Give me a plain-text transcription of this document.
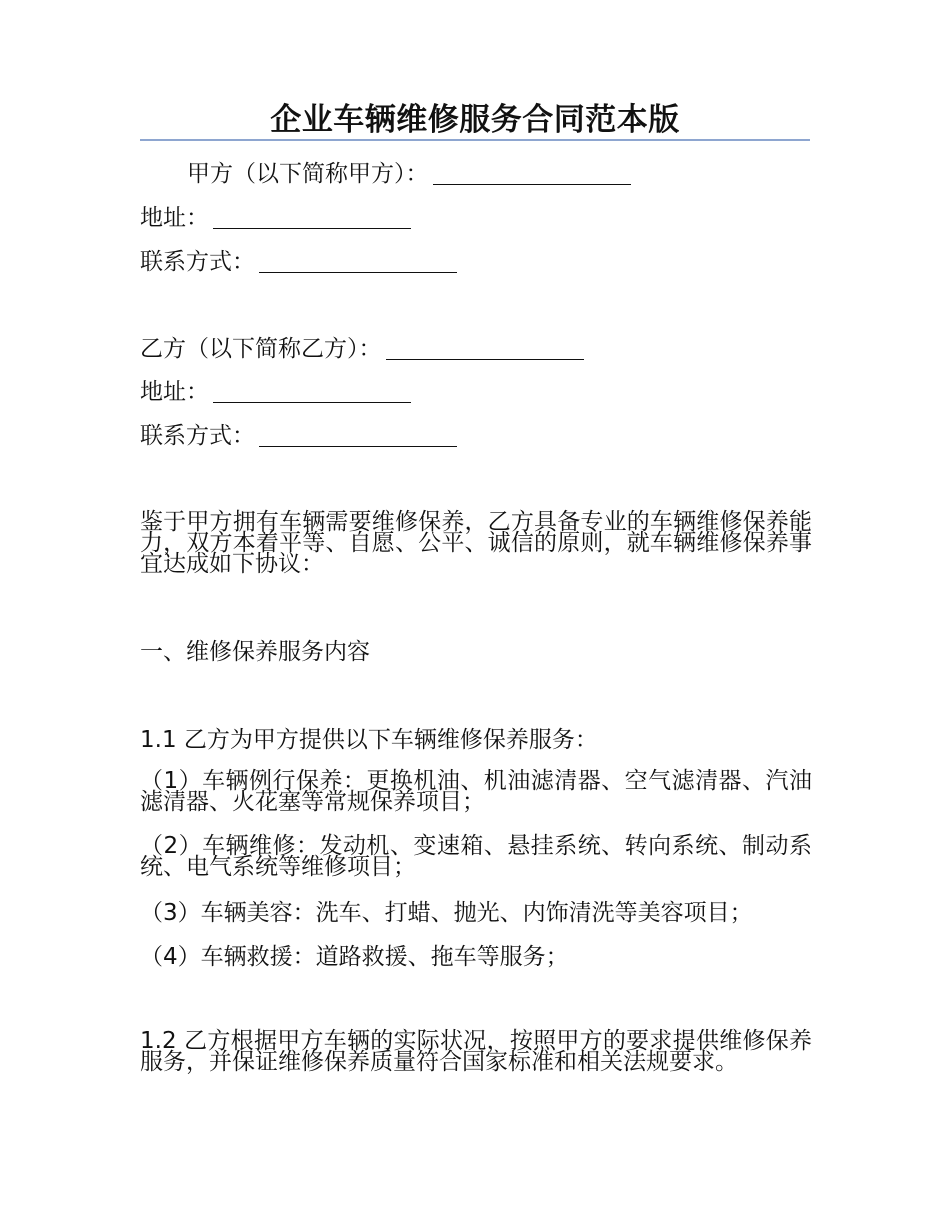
企业车辆维修服务合同范本版
甲方（以下简称甲方）：
地址：
联系方式：
乙方（以下简称乙方）：
地址：
联系方式：
鉴于甲方拥有车辆需要维修保养，乙方具备专业的车辆维修保养能力，双方本着平等、自愿、公平、诚信的原则，就车辆维修保养事宜达成如下协议：
一、维修保养服务内容
1.1 乙方为甲方提供以下车辆维修保养服务：
（1）车辆例行保养：更换机油、机油滤清器、空气滤清器、汽油滤清器、火花塞等常规保养项目；
（2）车辆维修：发动机、变速箱、悬挂系统、转向系统、制动系统、电气系统等维修项目；
（3）车辆美容：洗车、打蜡、抛光、内饰清洗等美容项目；
（4）车辆救援：道路救援、拖车等服务；
1.2 乙方根据甲方车辆的实际状况，按照甲方的要求提供维修保养服务，并保证维修保养质量符合国家标准和相关法规要求。
